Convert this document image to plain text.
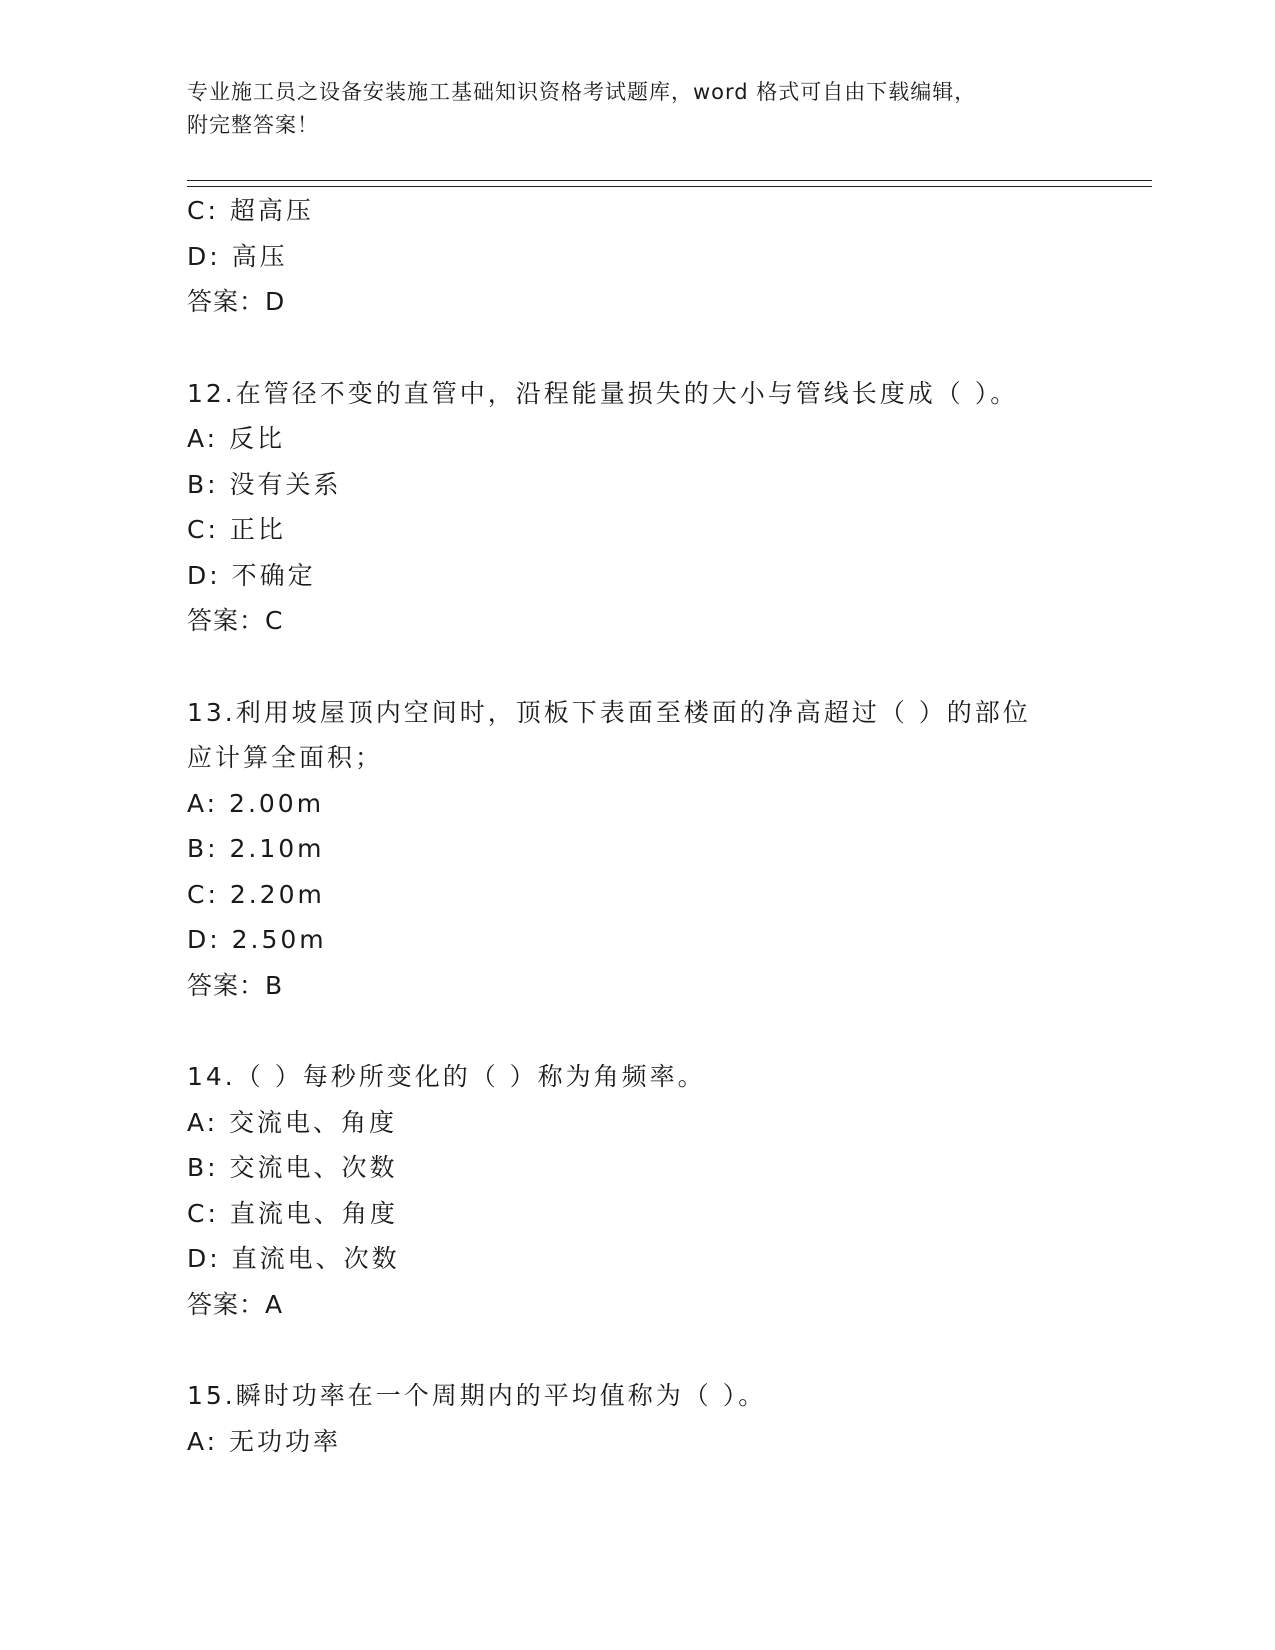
专业施工员之设备安装施工基础知识资格考试题库，word 格式可自由下载编辑，
附完整答案！
C: 超高压
D: 高压
答案：D
12.在管径不变的直管中，沿程能量损失的大小与管线长度成（ ）。
A: 反比
B: 没有关系
C: 正比
D: 不确定
答案：C
13.利用坡屋顶内空间时，顶板下表面至楼面的净高超过（ ）的部位
应计算全面积；
A: 2.00m
B: 2.10m
C: 2.20m
D: 2.50m
答案：B
14.（ ）每秒所变化的（ ）称为角频率。
A: 交流电、角度
B: 交流电、次数
C: 直流电、角度
D: 直流电、次数
答案：A
15.瞬时功率在一个周期内的平均值称为（ ）。
A: 无功功率
